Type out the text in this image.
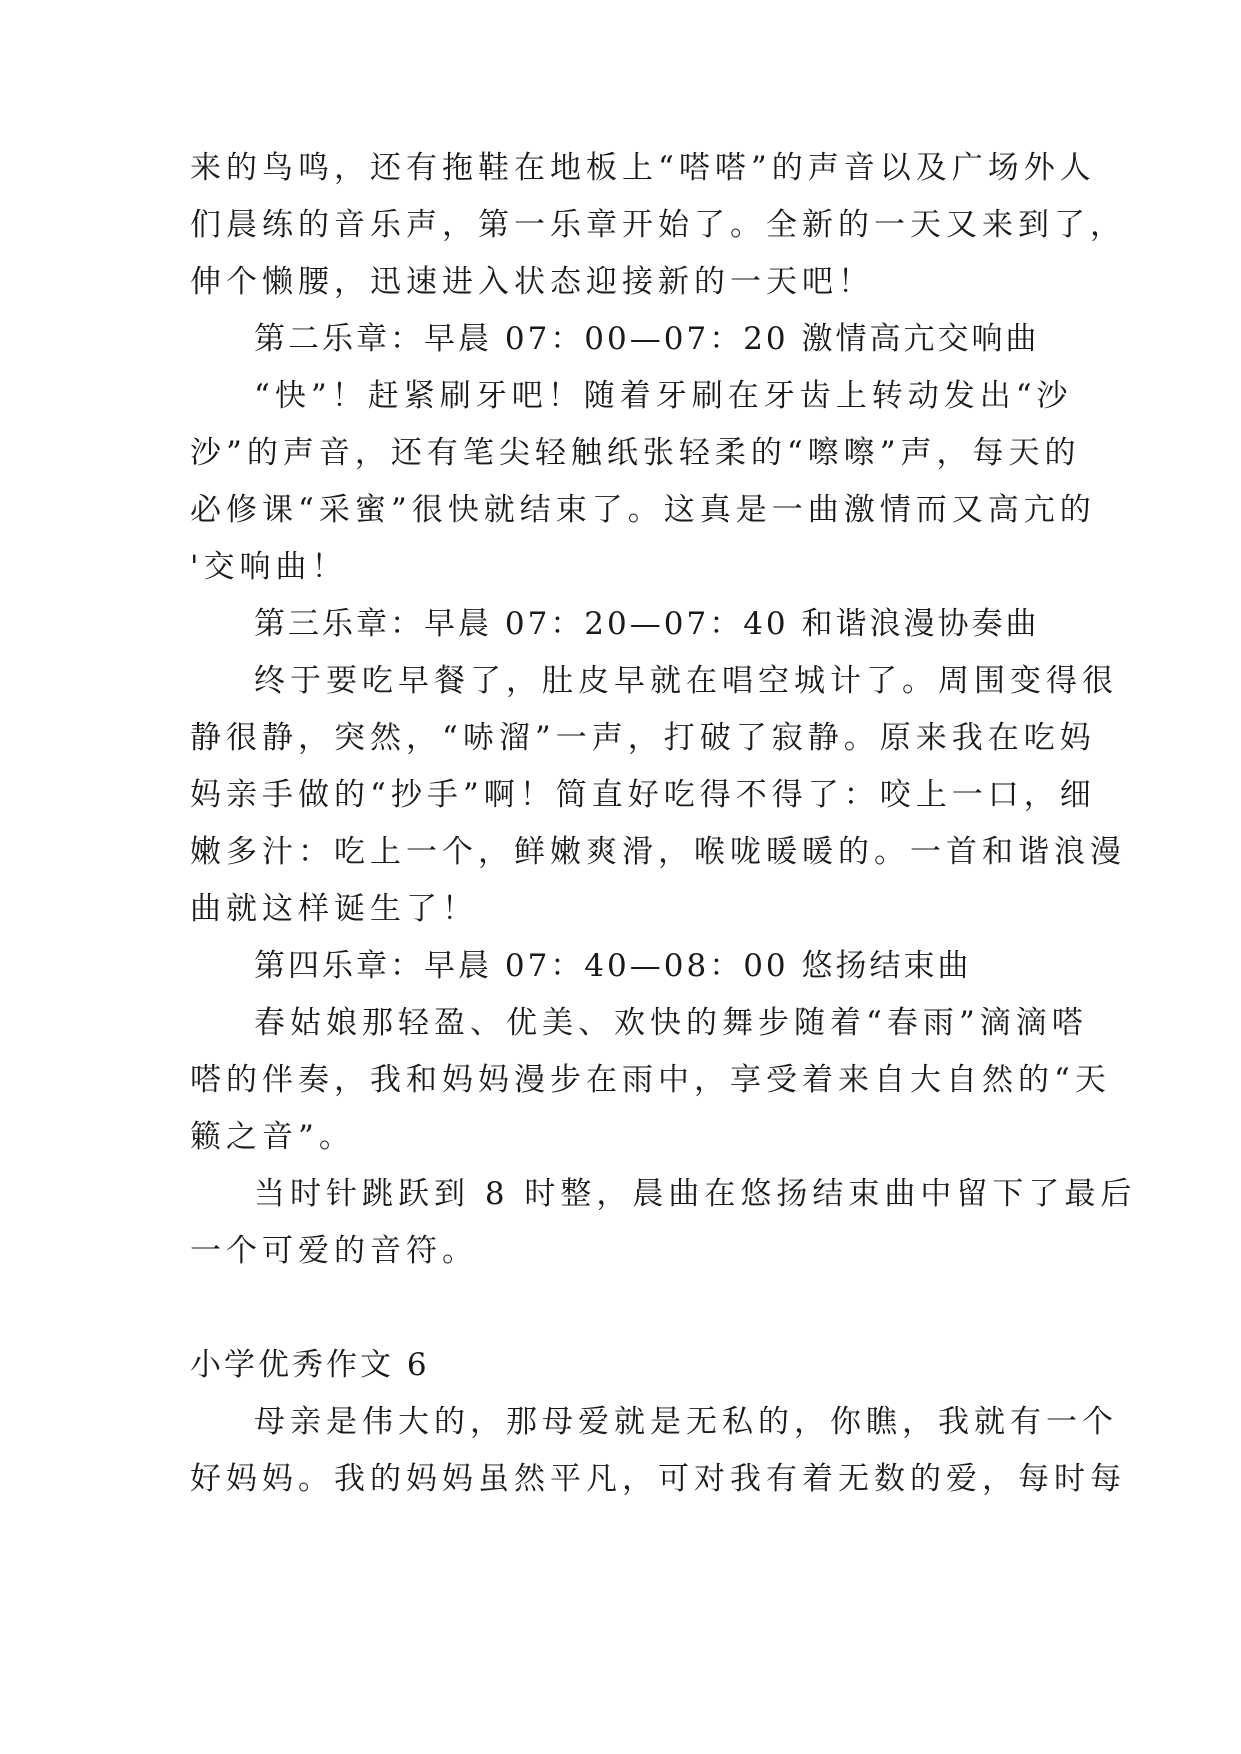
来的鸟鸣，还有拖鞋在地板上“嗒嗒”的声音以及广场外人

们晨练的音乐声，第一乐章开始了。全新的一天又来到了，

伸个懒腰，迅速进入状态迎接新的一天吧！

第二乐章：早晨 07：00—07：20 激情高亢交响曲

“快”！赶紧刷牙吧！随着牙刷在牙齿上转动发出“沙

沙”的声音，还有笔尖轻触纸张轻柔的“嚓嚓”声，每天的

必修课“采蜜”很快就结束了。这真是一曲激情而又高亢的

'交响曲！

第三乐章：早晨 07：20—07：40 和谐浪漫协奏曲

终于要吃早餐了，肚皮早就在唱空城计了。周围变得很

静很静，突然，“哧溜”一声，打破了寂静。原来我在吃妈

妈亲手做的“抄手”啊！简直好吃得不得了：咬上一口，细

嫩多汁：吃上一个，鲜嫩爽滑，喉咙暖暖的。一首和谐浪漫

曲就这样诞生了！

第四乐章：早晨 07：40—08：00 悠扬结束曲

春姑娘那轻盈、优美、欢快的舞步随着“春雨”滴滴嗒

嗒的伴奏，我和妈妈漫步在雨中，享受着来自大自然的“天

籁之音”。

当时针跳跃到 8 时整，晨曲在悠扬结束曲中留下了最后

一个可爱的音符。

小学优秀作文 6

母亲是伟大的，那母爱就是无私的，你瞧，我就有一个

好妈妈。我的妈妈虽然平凡，可对我有着无数的爱，每时每
